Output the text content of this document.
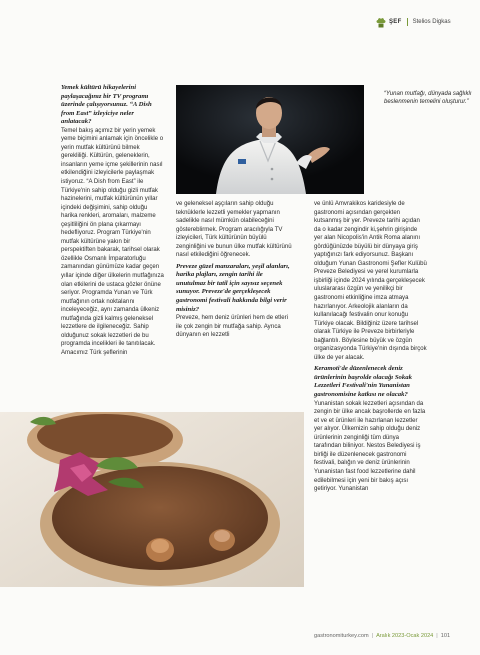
ŞEF Stelios Digkas

Yemek kültürü hikayelerini paylaşacağınız bir TV programı üzerinde çalışıyorsunuz. “A Dish from East” izleyiciye neler anlatacak?

Temel bakış açımız bir yerin yemek yeme biçimini anlamak için öncelikle o yerin mutfak kültürünü bilmek gerekliliği. Kültürün, geleneklerin, insanların yeme içme şekillerinin nasıl etkilendiğini izleyicilerle paylaşmak istiyoruz. “A Dish from East” ile Türkiye'nin sahip olduğu gizli mutfak hazinelerini, mutfak kültürünün yıllar içindeki değişimini, sahip olduğu harika renkleri, aromaları, malzeme çeşitliliğini ön plana çıkarmayı hedefliyoruz. Program Türkiye'nin mutfak kültürüne yakın bir perspektiften bakarak, tarihsel olarak özellikle Osmanlı İmparatorluğu zamanından günümüze kadar geçen yıllar içinde diğer ülkelerin mutfağınıza olan etkilerini de ustaca gözler önüne seriyor. Programda Yunan ve Türk mutfağının ortak noktalarını inceleyeceğiz, aynı zamanda ülkeniz mutfağında gizli kalmış geleneksel lezzetlere de ilgileneceğiz. Sahip olduğunuz sokak lezzetleri de bu programda incelikleri ile tanıtılacak. Amacımız Türk şeflerinin

“Yunan mutfağı, dünyada sağlıklı beslenmenin temelini oluşturur.”

ve geleneksel aşçıların sahip olduğu teknüklerle lezzetli yemekler yapmanın sadelikle nasıl mümkün olabileceğini göstereblirmek. Program aracılığıyla TV izleyicileri, Türk kültürünün büyülü zenginliğini ve bunun ülke mutfak kültürünü nasıl etkilediğini öğrenecek.

Preveze güzel manzaraları, yeşil alanları, harika plajları, zengin tarihi ile unutulmaz bir tatil için sayısız seçenek sunuyor. Preveze'de gerçekleşecek gastronomi festivali hakkında bilgi verir misiniz?

Preveze, hem deniz ürünleri hem de etleri ile çok zengin bir mutfağa sahip. Ayrıca dünyanın en lezzetli

ve ünlü Amvrakikos karidesiyle de gastronomi açısından gerçekten kutsanmış bir yer. Preveze tarihi açıdan da o kadar zengindir ki,şehrin girişinde yer alan Nicopolis'in Antik Roma alanını gördüğünüzde büyülü bir dünyaya giriş yaptığınızı fark ediyorsunuz. Başkanı olduğum Yunan Gastronomi Şefler Kulübü Preveze Belediyesi ve yerel kurumlarla işbirliği içinde 2024 yılında gerçekleşecek uluslararası özgün ve yenilikçi bir gastronomi etkinliğine imza atmaya hazırlanıyor. Arkeolojik alanların da kullanılacağı festivalin onur konuğu Türkiye olacak. Bildiğiniz üzere tarihsel olarak Türkiye ile Preveze birbirleriyle bağlantılı. Böylesine büyük ve özgün organizasyonda Türkiye'nin dışında birçok ülke de yer alacak.

Keramoti'de düzenlenecek deniz ürünlerinin başrolde olacağı Sokak Lezzetleri Festivali'nin Yunanistan gastronomisine katkısı ne olacak?

Yunanistan sokak lezzetleri açısından da zengin bir ülke ancak başrollerde en fazla et ve et ürünleri ile hazırlanan lezzetler yer alıyor. Ülkemizin sahip olduğu deniz ürünlerinin zenginliği tüm dünya tarafından biliniyor. Nestos Belediyesi iş birliği ile düzenlenecek gastronomi festivali, balığın ve deniz ürünlerinin Yunanistan fast food lezzetlerine dahil edilebilmesi için yeni bir bakış açısı getiriyor. Yunanistan

gastronomiturkey.com | Aralık 2023-Ocak 2024 | 101
